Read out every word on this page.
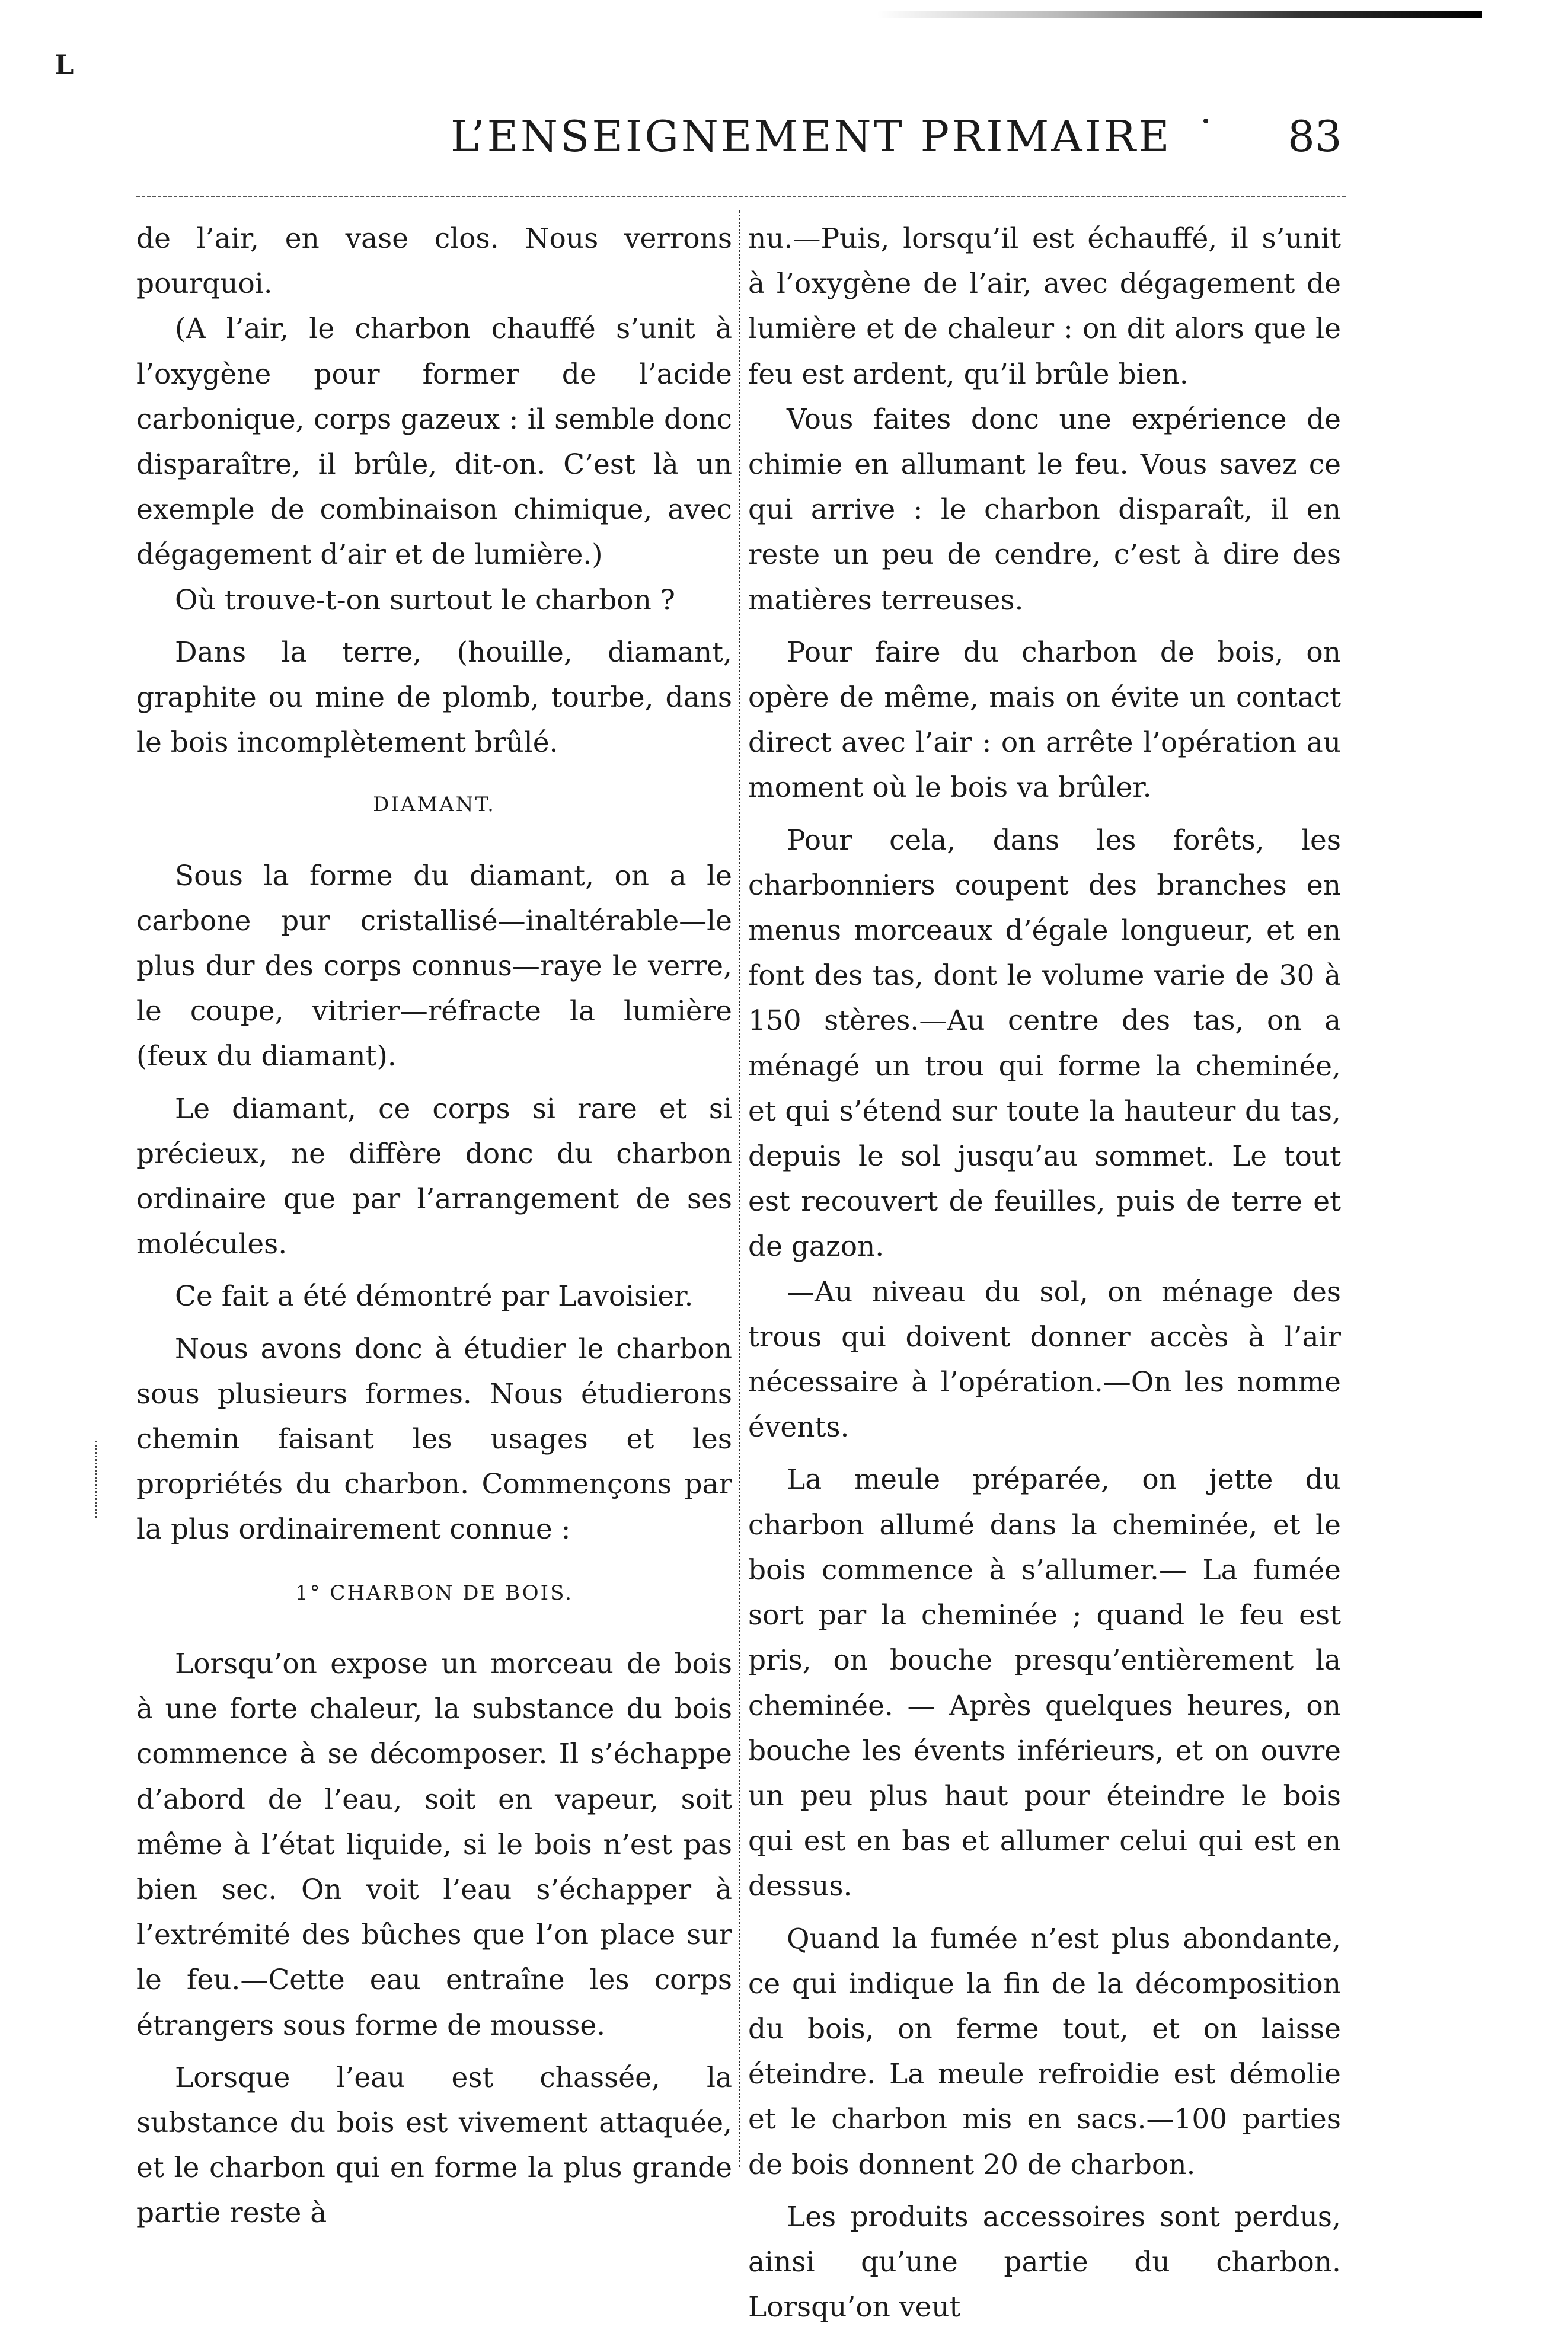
L
L’ENSEIGNEMENT PRIMAIRE	83

de l’air, en vase clos. Nous verrons pourquoi.

(A l’air, le charbon chauffé s’unit à l’oxygène pour former de l’acide carbonique, corps gazeux : il semble donc disparaître, il brûle, dit-on. C’est là un exemple de combinaison chimique, avec dégagement d’air et de lumière.)

Où trouve-t-on surtout le charbon ?

Dans la terre, (houille, diamant, graphite ou mine de plomb, tourbe, dans le bois incomplètement brûlé.

DIAMANT.

Sous la forme du diamant, on a le carbone pur cristallisé—inaltérable—le plus dur des corps connus—raye le verre, le coupe, vitrier—réfracte la lumière (feux du diamant).

Le diamant, ce corps si rare et si précieux, ne diffère donc du charbon ordinaire que par l’arrangement de ses molécules.

Ce fait a été démontré par Lavoisier.

Nous avons donc à étudier le charbon sous plusieurs formes. Nous étudierons chemin faisant les usages et les propriétés du charbon. Commençons par la plus ordinairement connue :

1° CHARBON DE BOIS.

Lorsqu’on expose un morceau de bois à une forte chaleur, la substance du bois commence à se décomposer. Il s’échappe d’abord de l’eau, soit en vapeur, soit même à l’état liquide, si le bois n’est pas bien sec. On voit l’eau s’échapper à l’extrémité des bûches que l’on place sur le feu.—Cette eau entraîne les corps étrangers sous forme de mousse.

Lorsque l’eau est chassée, la substance du bois est vivement attaquée, et le charbon qui en forme la plus grande partie reste à

nu.—Puis, lorsqu’il est échauffé, il s’unit à l’oxygène de l’air, avec dégagement de lumière et de chaleur : on dit alors que le feu est ardent, qu’il brûle bien.

Vous faites donc une expérience de chimie en allumant le feu. Vous savez ce qui arrive : le charbon disparaît, il en reste un peu de cendre, c’est à dire des matières terreuses.

Pour faire du charbon de bois, on opère de même, mais on évite un contact direct avec l’air : on arrête l’opération au moment où le bois va brûler.

Pour cela, dans les forêts, les charbonniers coupent des branches en menus morceaux d’égale longueur, et en font des tas, dont le volume varie de 30 à 150 stères.—Au centre des tas, on a ménagé un trou qui forme la cheminée, et qui s’étend sur toute la hauteur du tas, depuis le sol jusqu’au sommet. Le tout est recouvert de feuilles, puis de terre et de gazon.

—Au niveau du sol, on ménage des trous qui doivent donner accès à l’air nécessaire à l’opération.—On les nomme évents.

La meule préparée, on jette du charbon allumé dans la cheminée, et le bois commence à s’allumer.— La fumée sort par la cheminée ; quand le feu est pris, on bouche presqu’entièrement la cheminée. — Après quelques heures, on bouche les évents inférieurs, et on ouvre un peu plus haut pour éteindre le bois qui est en bas et allumer celui qui est en dessus.

Quand la fumée n’est plus abondante, ce qui indique la fin de la décomposition du bois, on ferme tout, et on laisse éteindre. La meule refroidie est démolie et le charbon mis en sacs.—100 parties de bois donnent 20 de charbon.

Les produits accessoires sont perdus, ainsi qu’une partie du charbon. Lorsqu’on veut
